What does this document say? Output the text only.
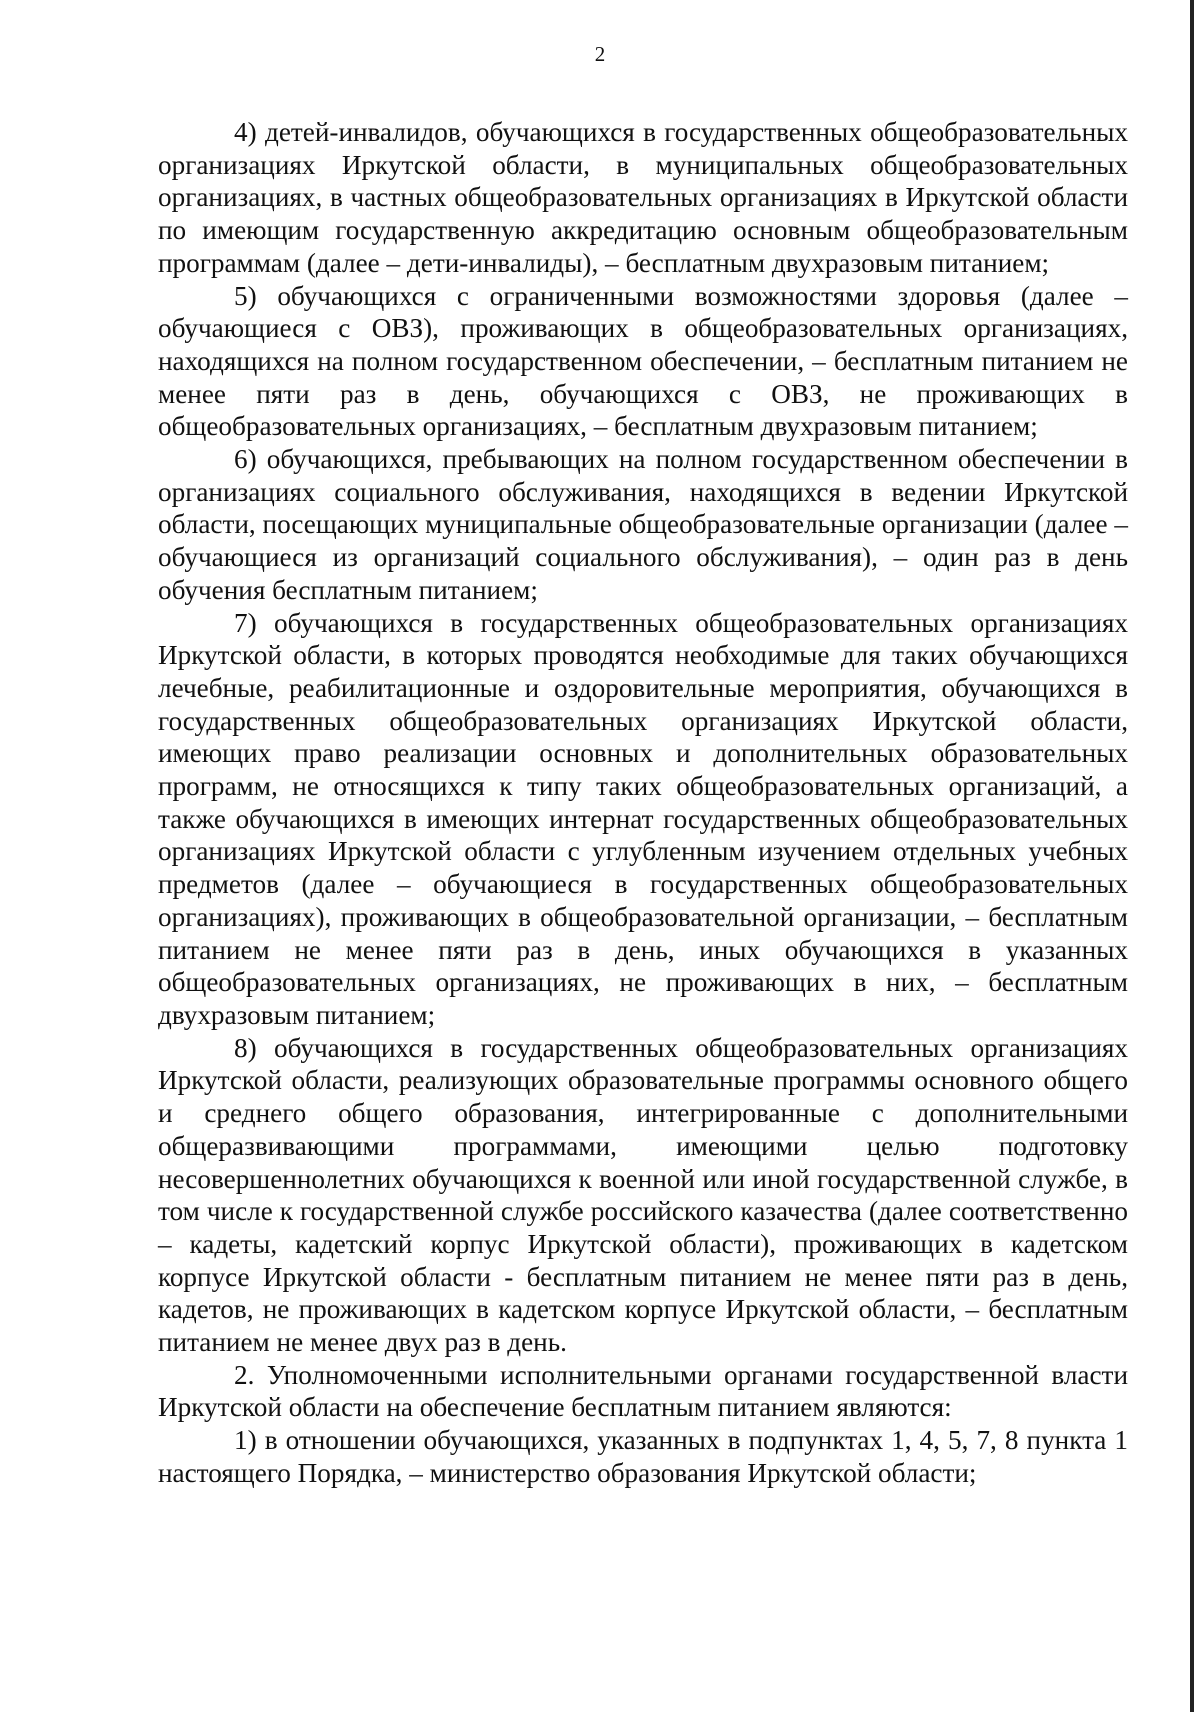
2

4) детей-инвалидов, обучающихся в государственных общеобразовательных организациях Иркутской области, в муниципальных общеобразовательных организациях, в частных общеобразовательных организациях в Иркутской области по имеющим государственную аккредитацию основным общеобразовательным программам (далее – дети-инвалиды), – бесплатным двухразовым питанием;

5) обучающихся с ограниченными возможностями здоровья (далее – обучающиеся с ОВЗ), проживающих в общеобразовательных организациях, находящихся на полном государственном обеспечении, – бесплатным питанием не менее пяти раз в день, обучающихся с ОВЗ, не проживающих в общеобразовательных организациях, – бесплатным двухразовым питанием;

6) обучающихся, пребывающих на полном государственном обеспечении в организациях социального обслуживания, находящихся в ведении Иркутской области, посещающих муниципальные общеобразовательные организации (далее – обучающиеся из организаций социального обслуживания), – один раз в день обучения бесплатным питанием;

7) обучающихся в государственных общеобразовательных организациях Иркутской области, в которых проводятся необходимые для таких обучающихся лечебные, реабилитационные и оздоровительные мероприятия, обучающихся в государственных общеобразовательных организациях Иркутской области, имеющих право реализации основных и дополнительных образовательных программ, не относящихся к типу таких общеобразовательных организаций, а также обучающихся в имеющих интернат государственных общеобразовательных организациях Иркутской области с углубленным изучением отдельных учебных предметов (далее – обучающиеся в государственных общеобразовательных организациях), проживающих в общеобразовательной организации, – бесплатным питанием не менее пяти раз в день, иных обучающихся в указанных общеобразовательных организациях, не проживающих в них, – бесплатным двухразовым питанием;

8) обучающихся в государственных общеобразовательных организациях Иркутской области, реализующих образовательные программы основного общего и среднего общего образования, интегрированные с дополнительными общеразвивающими программами, имеющими целью подготовку несовершеннолетних обучающихся к военной или иной государственной службе, в том числе к государственной службе российского казачества (далее соответственно – кадеты, кадетский корпус Иркутской области), проживающих в кадетском корпусе Иркутской области - бесплатным питанием не менее пяти раз в день, кадетов, не проживающих в кадетском корпусе Иркутской области, – бесплатным питанием не менее двух раз в день.

2. Уполномоченными исполнительными органами государственной власти Иркутской области на обеспечение бесплатным питанием являются:

1) в отношении обучающихся, указанных в подпунктах 1, 4, 5, 7, 8 пункта 1 настоящего Порядка, – министерство образования Иркутской области;
